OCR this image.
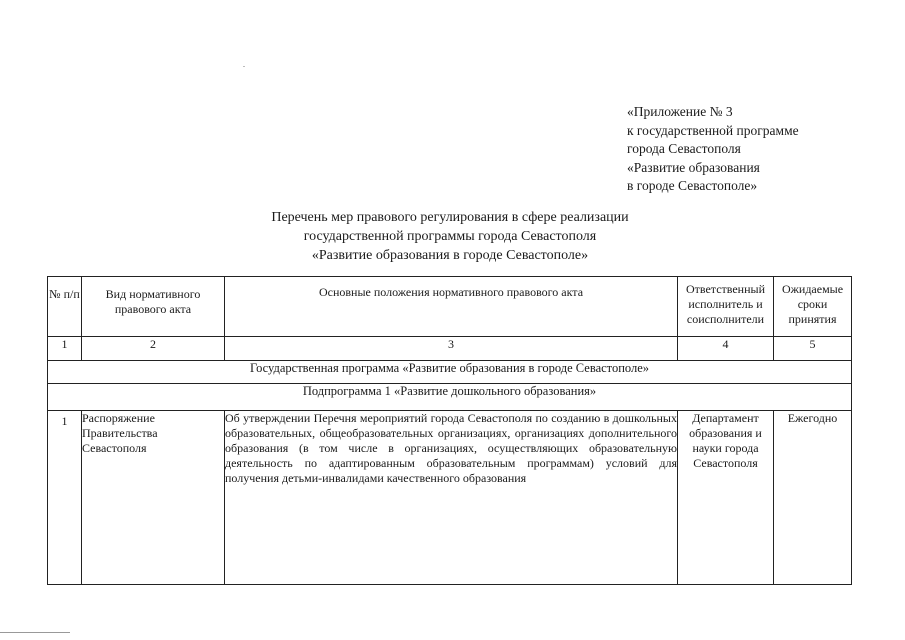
«Приложение № 3
к государственной программе
города Севастополя
«Развитие образования
в городе Севастополе»
Перечень мер правового регулирования в сфере реализации
государственной программы города Севастополя
«Развитие образования в городе Севастополе»
№ п/п	Вид нормативного правового акта	Основные положения нормативного правового акта	Ответственный исполнитель и соисполнители	Ожидаемые сроки принятия
1	2	3	4	5
Государственная программа «Развитие образования в городе Севастополе»				
Подпрограмма 1 «Развитие дошкольного образования»				
1	Распоряжение Правительства Севастополя	Об утверждении Перечня мероприятий города Севастополя по созданию в дошкольных образовательных, общеобразовательных организациях, организациях дополнительного образования (в том числе в организациях, осуществляющих образовательную деятельность по адаптированным образовательным программам) условий для получения детьми-инвалидами качественного образования	Департамент образования и науки города Севастополя	Ежегодно
